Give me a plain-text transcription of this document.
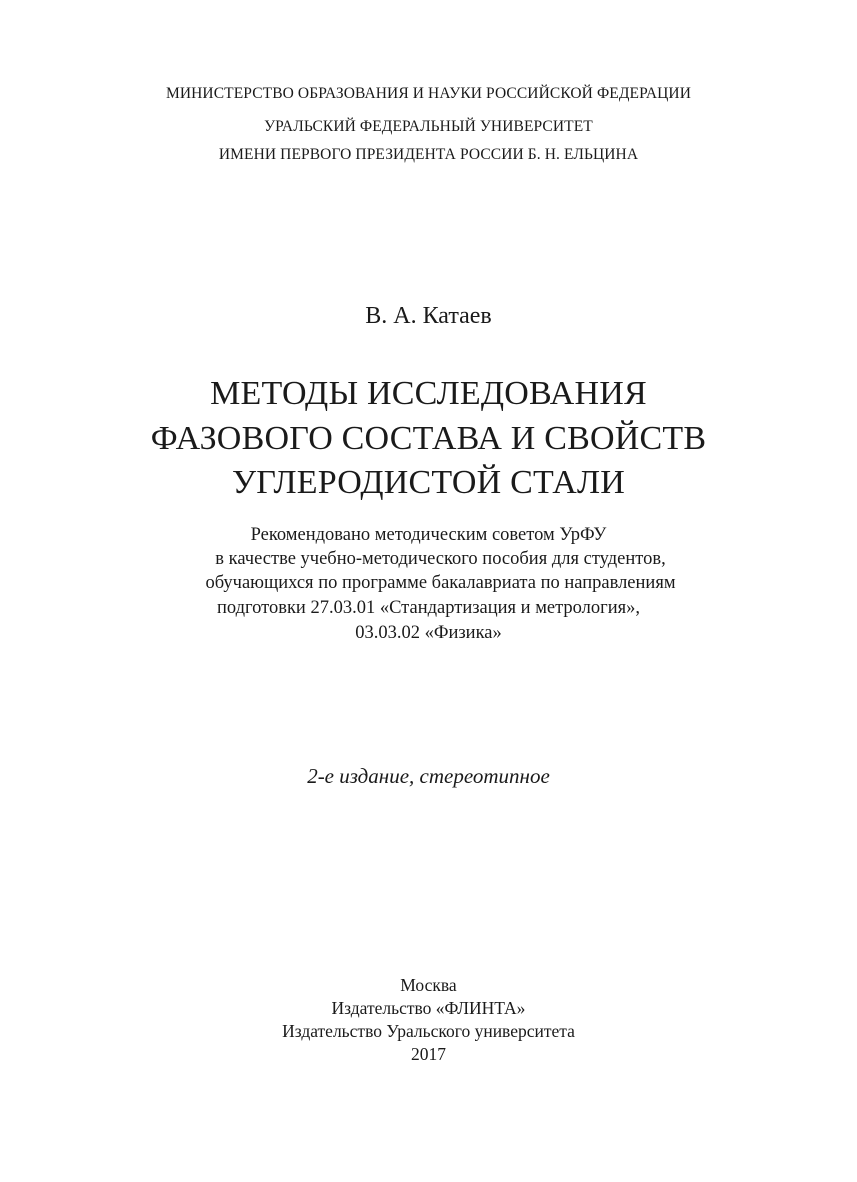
МИНИСТЕРСТВО ОБРАЗОВАНИЯ И НАУКИ РОССИЙСКОЙ ФЕДЕРАЦИИ
УРАЛЬСКИЙ ФЕДЕРАЛЬНЫЙ УНИВЕРСИТЕТ
ИМЕНИ ПЕРВОГО ПРЕЗИДЕНТА РОССИИ Б. Н. ЕЛЬЦИНА
В. А. Катаев
МЕТОДЫ ИССЛЕДОВАНИЯ
ФАЗОВОГО СОСТАВА И СВОЙСТВ
УГЛЕРОДИСТОЙ СТАЛИ
Рекомендовано методическим советом УрФУ
в качестве учебно-методического пособия для студентов,
обучающихся по программе бакалавриата по направлениям
подготовки 27.03.01 «Стандартизация и метрология»,
03.03.02 «Физика»
2-е издание, стереотипное
Москва
Издательство «ФЛИНТА»
Издательство Уральского университета
2017
